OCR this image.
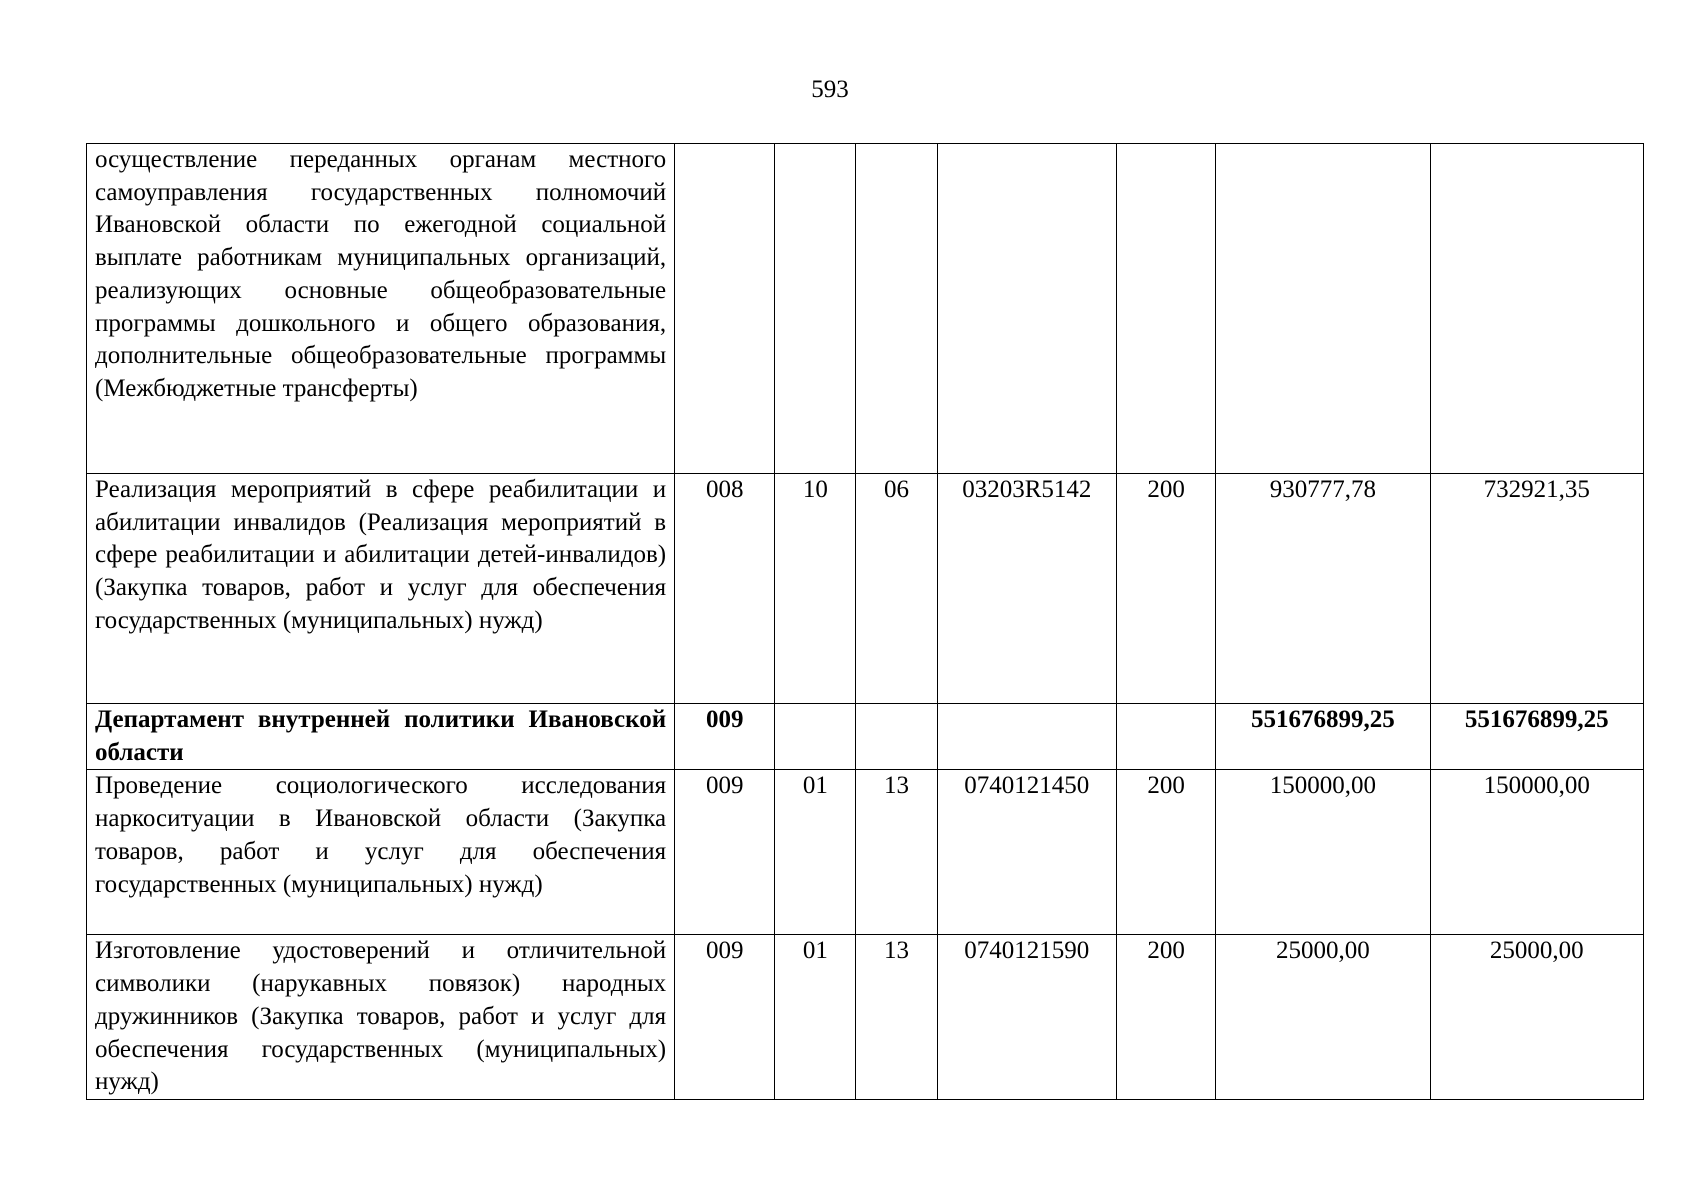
593
осуществление переданных органам местного самоуправления государственных полномочий Ивановской области по ежегодной социальной выплате работникам муниципальных организаций, реализующих основные общеобразовательные программы дошкольного и общего образования, дополнительные общеобразовательные программы (Межбюджетные трансферты)							
Реализация мероприятий в сфере реабилитации и абилитации инвалидов (Реализация мероприятий в сфере реабилитации и абилитации детей-инвалидов) (Закупка товаров, работ и услуг для обеспечения государственных (муниципальных) нужд)	008	10	06	03203R5142	200	930777,78	732921,35
Департамент внутренней политики Ивановской области	009					551676899,25	551676899,25
Проведение социологического исследования наркоситуации в Ивановской области (Закупка товаров, работ и услуг для обеспечения государственных (муниципальных) нужд)	009	01	13	0740121450	200	150000,00	150000,00
Изготовление удостоверений и отличительной символики (нарукавных повязок) народных дружинников (Закупка товаров, работ и услуг для обеспечения государственных (муниципальных) нужд)	009	01	13	0740121590	200	25000,00	25000,00
